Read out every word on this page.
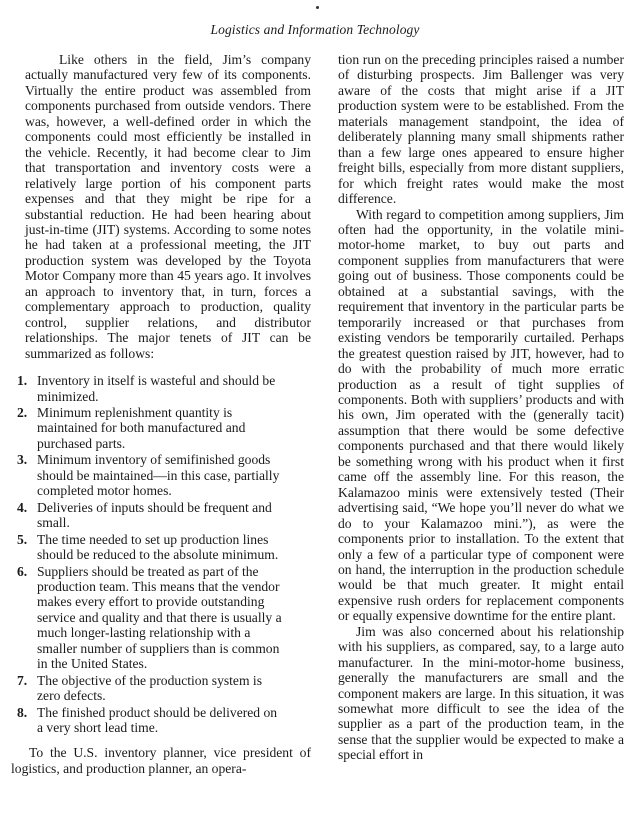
Logistics and Information Technology

Like others in the field, Jim’s company actually manufactured very few of its components. Virtually the entire product was assembled from components purchased from outside vendors. There was, however, a well-defined order in which the components could most efficiently be installed in the vehicle. Recently, it had become clear to Jim that transportation and inventory costs were a relatively large portion of his component parts expenses and that they might be ripe for a substantial reduction. He had been hearing about just-in-time (JIT) systems. According to some notes he had taken at a professional meeting, the JIT production system was developed by the Toyota Motor Company more than 45 years ago. It involves an approach to inventory that, in turn, forces a complementary approach to production, quality control, supplier relations, and distributor relationships. The major tenets of JIT can be summarized as follows:

1. Inventory in itself is wasteful and should be minimized.
2. Minimum replenishment quantity is maintained for both manufactured and purchased parts.
3. Minimum inventory of semifinished goods should be maintained—in this case, partially completed motor homes.
4. Deliveries of inputs should be frequent and small.
5. The time needed to set up production lines should be reduced to the absolute minimum.
6. Suppliers should be treated as part of the production team. This means that the vendor makes every effort to provide outstanding service and quality and that there is usually a much longer-lasting relationship with a smaller number of suppliers than is common in the United States.
7. The objective of the production system is zero defects.
8. The finished product should be delivered on a very short lead time.

To the U.S. inventory planner, vice president of logistics, and production planner, an opera-

tion run on the preceding principles raised a number of disturbing prospects. Jim Ballenger was very aware of the costs that might arise if a JIT production system were to be established. From the materials management standpoint, the idea of deliberately planning many small shipments rather than a few large ones appeared to ensure higher freight bills, especially from more distant suppliers, for which freight rates would make the most difference.

With regard to competition among suppliers, Jim often had the opportunity, in the volatile mini-motor-home market, to buy out parts and component supplies from manufacturers that were going out of business. Those components could be obtained at a substantial savings, with the requirement that inventory in the particular parts be temporarily increased or that purchases from existing vendors be temporarily curtailed. Perhaps the greatest question raised by JIT, however, had to do with the probability of much more erratic production as a result of tight supplies of components. Both with suppliers’ products and with his own, Jim operated with the (generally tacit) assumption that there would be some defective components purchased and that there would likely be something wrong with his product when it first came off the assembly line. For this reason, the Kalamazoo minis were extensively tested (Their advertising said, “We hope you’ll never do what we do to your Kalamazoo mini.”), as were the components prior to installation. To the extent that only a few of a particular type of component were on hand, the interruption in the production schedule would be that much greater. It might entail expensive rush orders for replacement components or equally expensive downtime for the entire plant.

Jim was also concerned about his relationship with his suppliers, as compared, say, to a large auto manufacturer. In the mini-motor-home business, generally the manufacturers are small and the component makers are large. In this situation, it was somewhat more difficult to see the idea of the supplier as a part of the production team, in the sense that the supplier would be expected to make a special effort in
